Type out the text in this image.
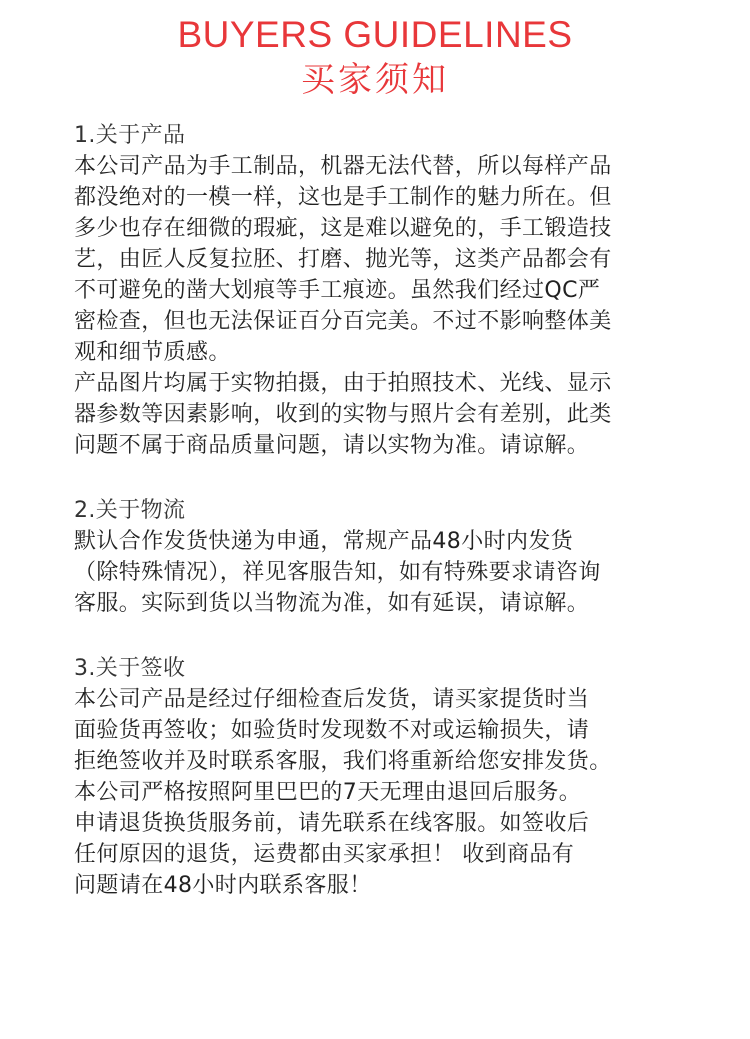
BUYERS GUIDELINES
买家须知
1.关于产品
本公司产品为手工制品，机器无法代替，所以每样产品
都没绝对的一模一样，这也是手工制作的魅力所在。但
多少也存在细微的瑕疵，这是难以避免的，手工锻造技
艺，由匠人反复拉胚、打磨、抛光等，这类产品都会有
不可避免的凿大划痕等手工痕迹。虽然我们经过QC严
密检查，但也无法保证百分百完美。不过不影响整体美
观和细节质感。
产品图片均属于实物拍摄，由于拍照技术、光线、显示
器参数等因素影响，收到的实物与照片会有差别，此类
问题不属于商品质量问题，请以实物为准。请谅解。
2.关于物流
默认合作发货快递为申通，常规产品48小时内发货
（除特殊情况），祥见客服告知，如有特殊要求请咨询
客服。实际到货以当物流为准，如有延误，请谅解。
3.关于签收
本公司产品是经过仔细检查后发货，请买家提货时当
面验货再签收；如验货时发现数不对或运输损失，请
拒绝签收并及时联系客服，我们将重新给您安排发货。
本公司严格按照阿里巴巴的7天无理由退回后服务。
申请退货换货服务前，请先联系在线客服。如签收后
任何原因的退货，运费都由买家承担！ 收到商品有
问题请在48小时内联系客服！
